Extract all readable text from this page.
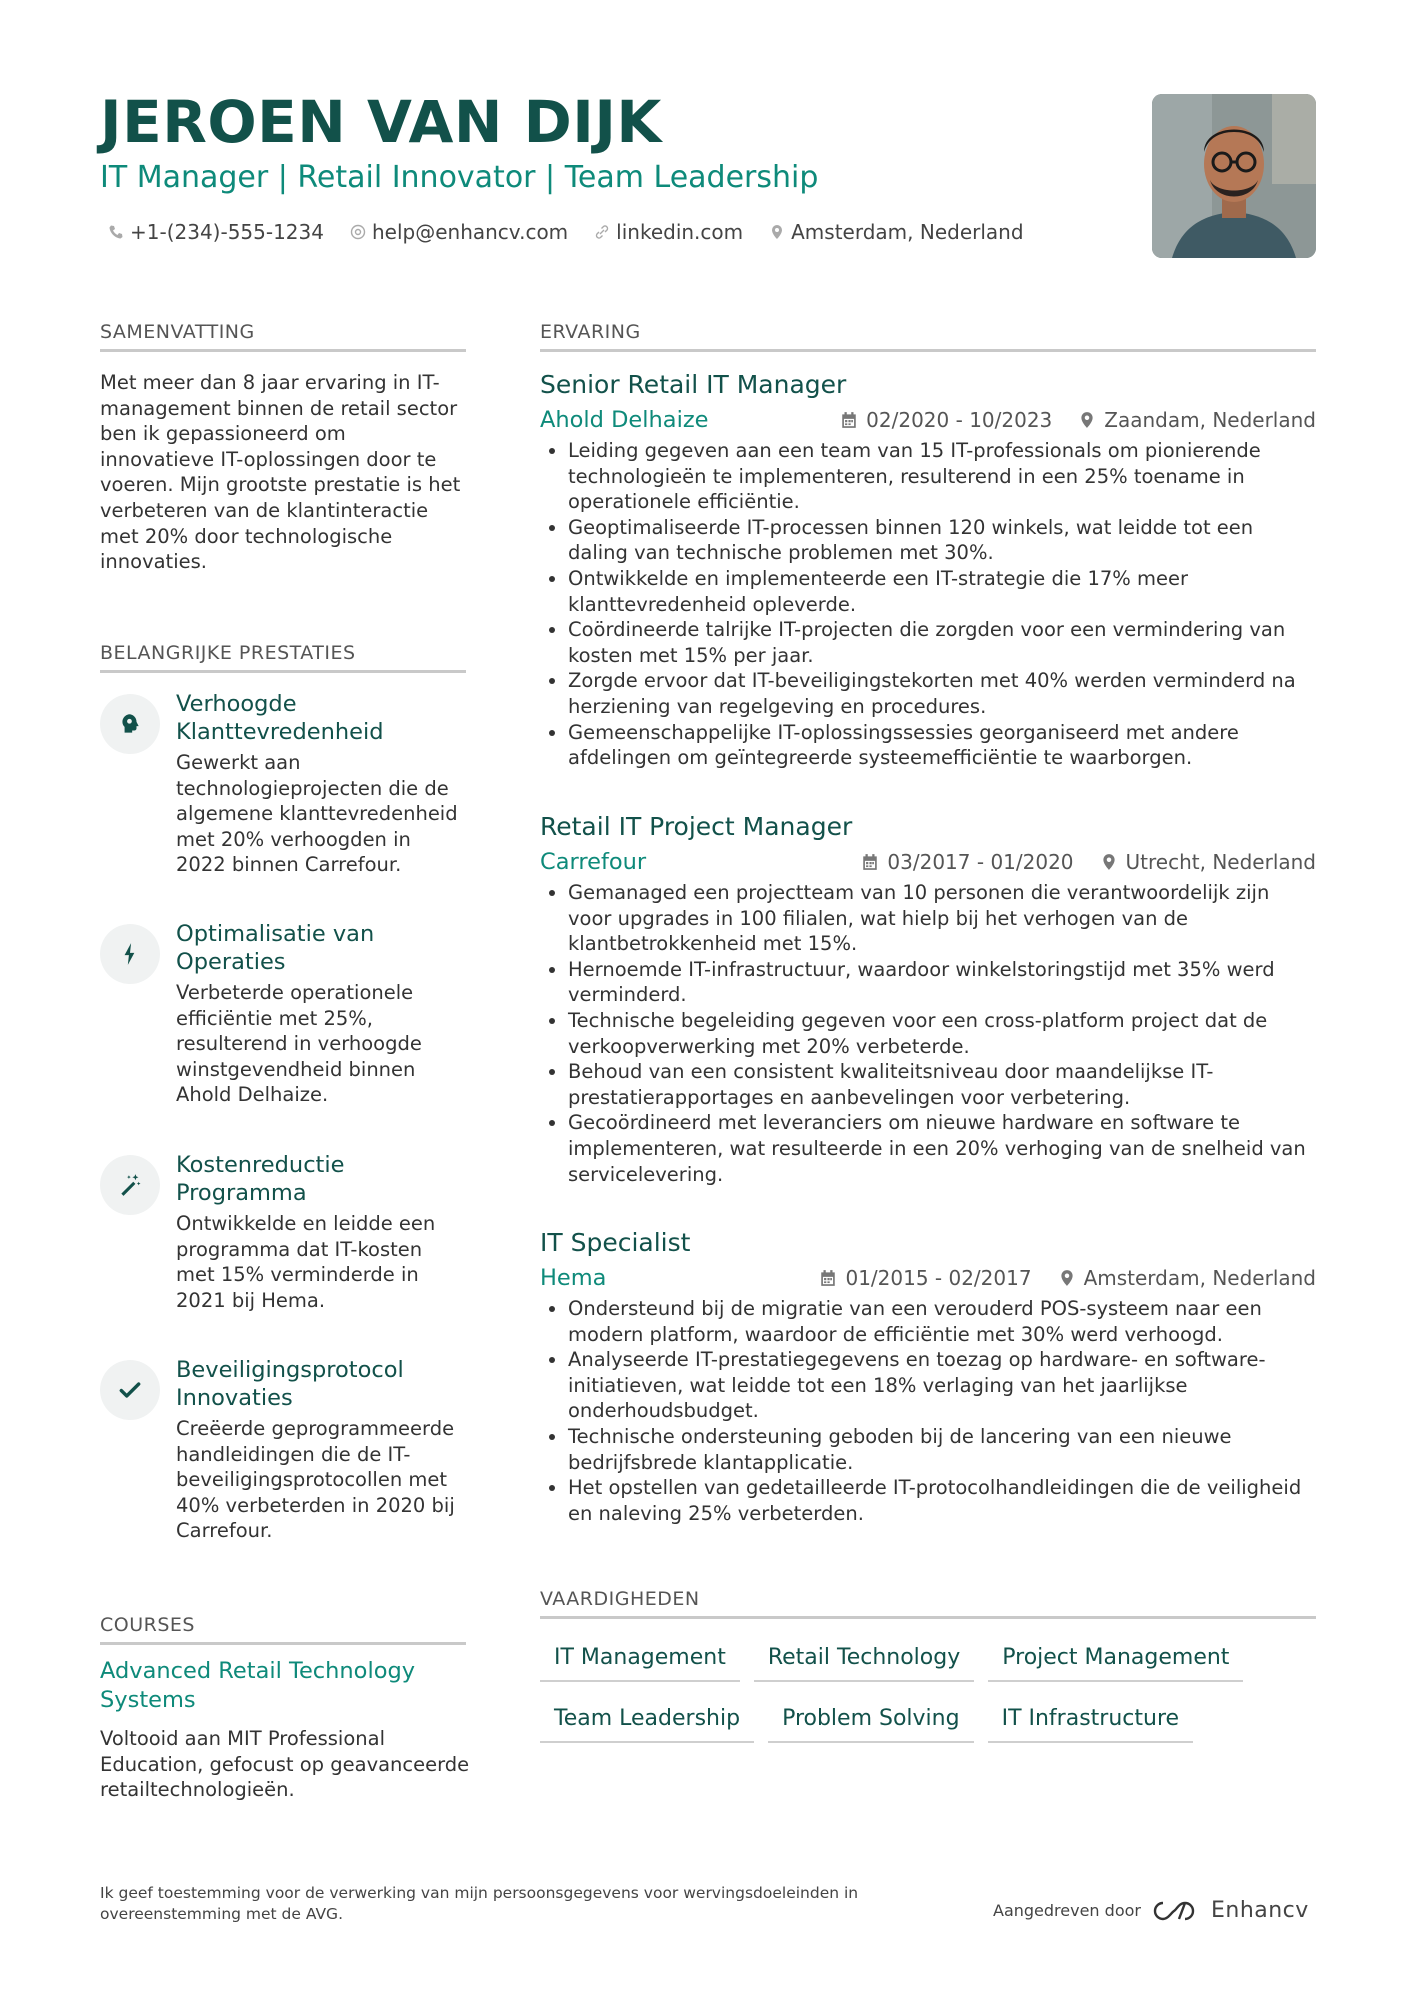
JEROEN VAN DIJK
IT Manager | Retail Innovator | Team Leadership
+1-(234)-555-1234 help@enhancv.com linkedin.com Amsterdam, Nederland
SAMENVATTING
Met meer dan 8 jaar ervaring in IT-management binnen de retail sector ben ik gepassioneerd om innovatieve IT-oplossingen door te voeren. Mijn grootste prestatie is het verbeteren van de klantinteractie met 20% door technologische innovaties.
BELANGRIJKE PRESTATIES
Verhoogde Klanttevredenheid
Gewerkt aan technologieprojecten die de algemene klanttevredenheid met 20% verhoogden in 2022 binnen Carrefour.
Optimalisatie van Operaties
Verbeterde operationele efficiëntie met 25%, resulterend in verhoogde winstgevendheid binnen Ahold Delhaize.
Kostenreductie Programma
Ontwikkelde en leidde een programma dat IT-kosten met 15% verminderde in 2021 bij Hema.
Beveiligingsprotocol Innovaties
Creëerde geprogrammeerde handleidingen die de IT-beveiligingsprotocollen met 40% verbeterden in 2020 bij Carrefour.
COURSES
Advanced Retail Technology Systems
Voltooid aan MIT Professional Education, gefocust op geavanceerde retailtechnologieën.
ERVARING
Senior Retail IT Manager
Ahold Delhaize	02/2020 - 10/2023	Zaandam, Nederland
Leiding gegeven aan een team van 15 IT-professionals om pionierende technologieën te implementeren, resulterend in een 25% toename in operationele efficiëntie.
Geoptimaliseerde IT-processen binnen 120 winkels, wat leidde tot een daling van technische problemen met 30%.
Ontwikkelde en implementeerde een IT-strategie die 17% meer klanttevredenheid opleverde.
Coördineerde talrijke IT-projecten die zorgden voor een vermindering van kosten met 15% per jaar.
Zorgde ervoor dat IT-beveiligingstekorten met 40% werden verminderd na herziening van regelgeving en procedures.
Gemeenschappelijke IT-oplossingssessies georganiseerd met andere afdelingen om geïntegreerde systeemefficiëntie te waarborgen.
Retail IT Project Manager
Carrefour	03/2017 - 01/2020	Utrecht, Nederland
Gemanaged een projectteam van 10 personen die verantwoordelijk zijn voor upgrades in 100 filialen, wat hielp bij het verhogen van de klantbetrokkenheid met 15%.
Hernoemde IT-infrastructuur, waardoor winkelstoringstijd met 35% werd verminderd.
Technische begeleiding gegeven voor een cross-platform project dat de verkoopverwerking met 20% verbeterde.
Behoud van een consistent kwaliteitsniveau door maandelijkse IT-prestatierapportages en aanbevelingen voor verbetering.
Gecoördineerd met leveranciers om nieuwe hardware en software te implementeren, wat resulteerde in een 20% verhoging van de snelheid van servicelevering.
IT Specialist
Hema	01/2015 - 02/2017	Amsterdam, Nederland
Ondersteund bij de migratie van een verouderd POS-systeem naar een modern platform, waardoor de efficiëntie met 30% werd verhoogd.
Analyseerde IT-prestatiegegevens en toezag op hardware- en software-initiatieven, wat leidde tot een 18% verlaging van het jaarlijkse onderhoudsbudget.
Technische ondersteuning geboden bij de lancering van een nieuwe bedrijfsbrede klantapplicatie.
Het opstellen van gedetailleerde IT-protocolhandleidingen die de veiligheid en naleving 25% verbeterden.
VAARDIGHEDEN
IT Management	Retail Technology	Project Management
Team Leadership	Problem Solving	IT Infrastructure
Ik geef toestemming voor de verwerking van mijn persoonsgegevens voor wervingsdoeleinden in overeenstemming met de AVG.	Aangedreven door	Enhancv
